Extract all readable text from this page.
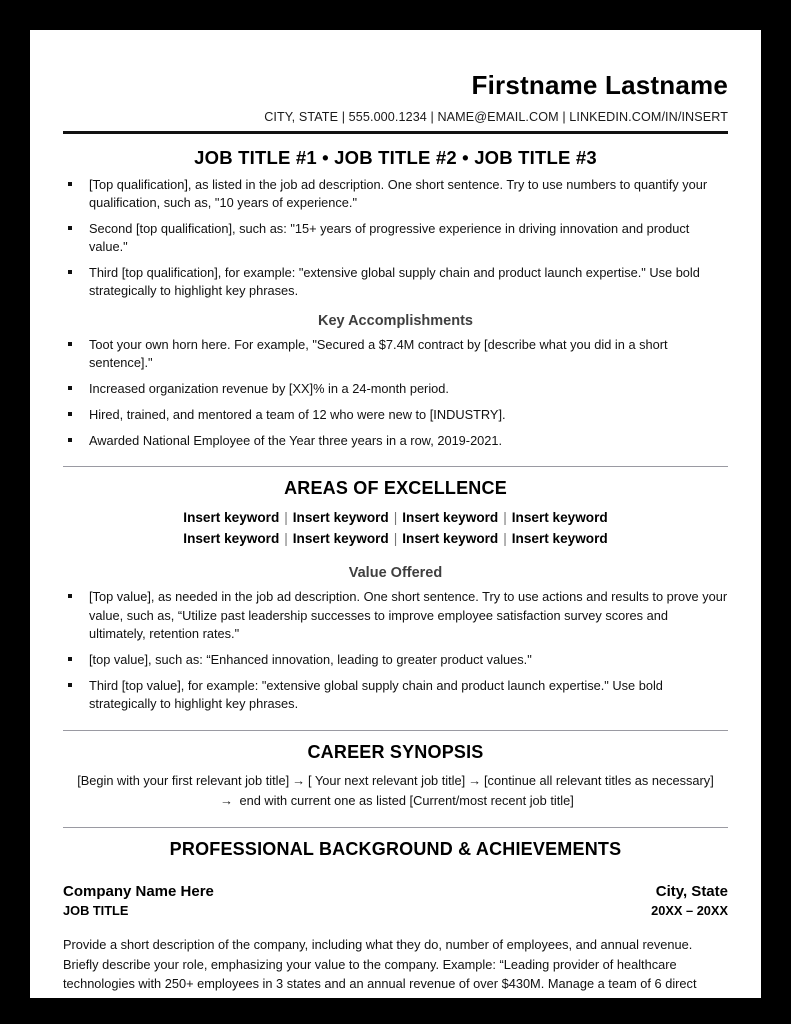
Firstname Lastname
CITY, STATE | 555.000.1234 | NAME@EMAIL.COM | LINKEDIN.COM/IN/INSERT
JOB TITLE #1 • JOB TITLE #2 • JOB TITLE #3
[Top qualification], as listed in the job ad description. One short sentence. Try to use numbers to quantify your qualification, such as, "10 years of experience."
Second [top qualification], such as: "15+ years of progressive experience in driving innovation and product value."
Third [top qualification], for example: "extensive global supply chain and product launch expertise." Use bold strategically to highlight key phrases.
Key Accomplishments
Toot your own horn here. For example, "Secured a $7.4M contract by [describe what you did in a short sentence]."
Increased organization revenue by [XX]% in a 24-month period.
Hired, trained, and mentored a team of 12 who were new to [INDUSTRY].
Awarded National Employee of the Year three years in a row, 2019-2021.
AREAS OF EXCELLENCE
Insert keyword | Insert keyword | Insert keyword | Insert keyword
Insert keyword | Insert keyword | Insert keyword | Insert keyword
Value Offered
[Top value], as needed in the job ad description. One short sentence. Try to use actions and results to prove your value, such as, “Utilize past leadership successes to improve employee satisfaction survey scores and ultimately, retention rates."
[top value], such as: “Enhanced innovation, leading to greater product values."
Third [top value], for example: "extensive global supply chain and product launch expertise." Use bold strategically to highlight key phrases.
CAREER SYNOPSIS
[Begin with your first relevant job title] → [ Your next relevant job title] → [continue all relevant titles as necessary]
→ end with current one as listed [Current/most recent job title]
PROFESSIONAL BACKGROUND & ACHIEVEMENTS
Company Name Here	City, State
JOB TITLE	20XX – 20XX
Provide a short description of the company, including what they do, number of employees, and annual revenue. Briefly describe your role, emphasizing your value to the company. Example: “Leading provider of healthcare technologies with 250+ employees in 3 states and an annual revenue of over $430M. Manage a team of 6 direct
